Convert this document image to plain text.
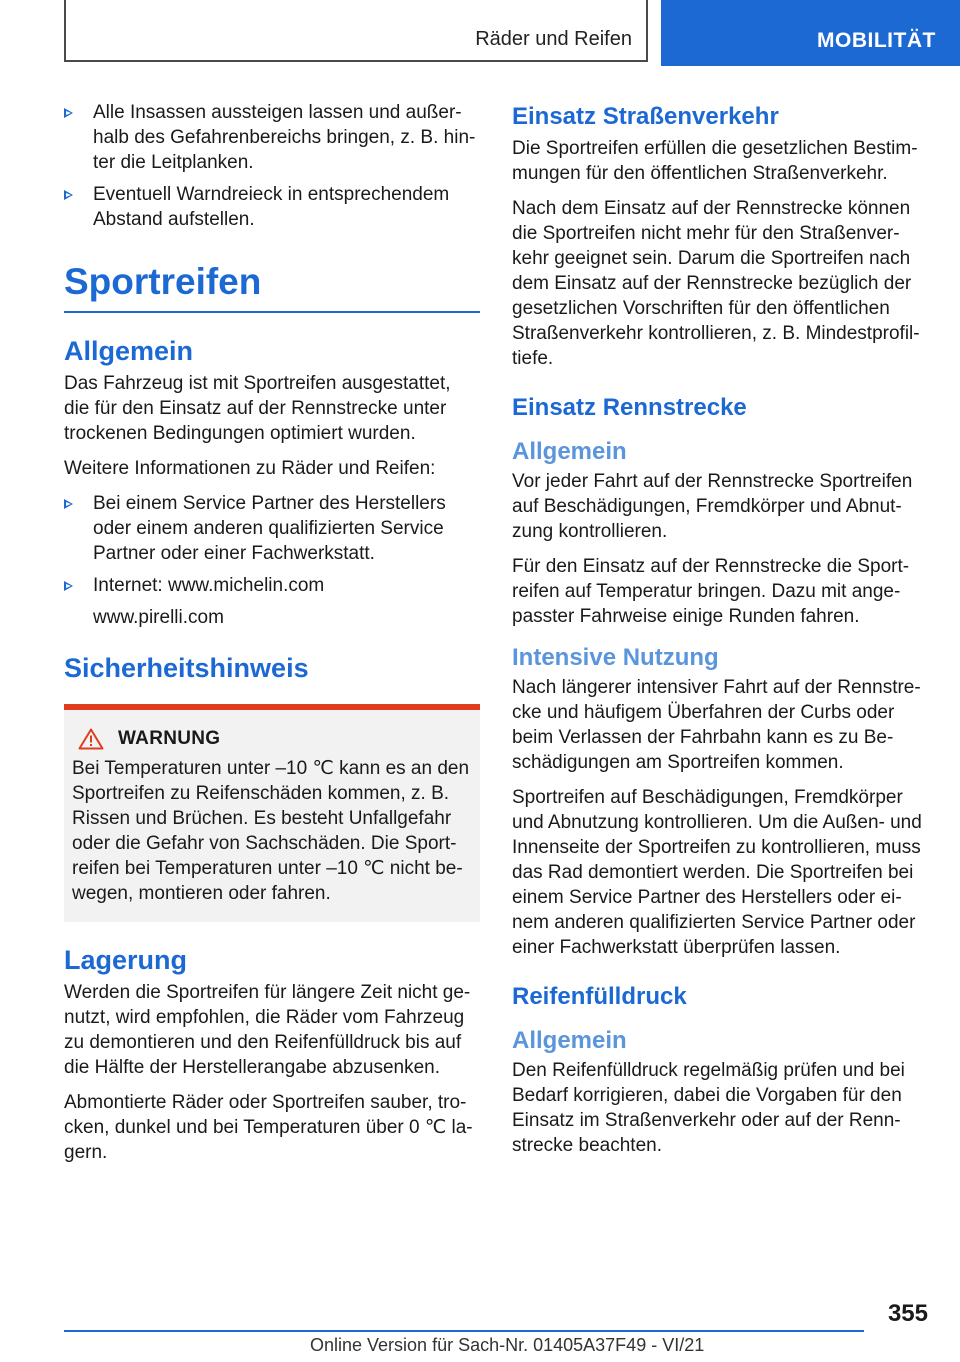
Räder und Reifen	MOBILITÄT
Alle Insassen aussteigen lassen und außer-halb des Gefahrenbereichs bringen, z. B. hin-ter die Leitplanken.
Eventuell Warndreieck in entsprechendem Abstand aufstellen.
Sportreifen
Allgemein

Das Fahrzeug ist mit Sportreifen ausgestattet, die für den Einsatz auf der Rennstrecke unter trockenen Bedingungen optimiert wurden.

Weitere Informationen zu Räder und Reifen:

Bei einem Service Partner des Herstellers oder einem anderen qualifizierten Service Partner oder einer Fachwerkstatt.
Internet: www.michelin.com
www.pirelli.com
Sicherheitshinweis
WARNUNG

Bei Temperaturen unter –10 ℃ kann es an den Sportreifen zu Reifenschäden kommen, z. B. Rissen und Brüchen. Es besteht Unfallgefahr oder die Gefahr von Sachschäden. Die Sport-reifen bei Temperaturen unter –10 ℃ nicht be-wegen, montieren oder fahren.

Lagerung

Werden die Sportreifen für längere Zeit nicht ge-nutzt, wird empfohlen, die Räder vom Fahrzeug zu demontieren und den Reifenfülldruck bis auf die Hälfte der Herstellerangabe abzusenken.

Abmontierte Räder oder Sportreifen sauber, tro-cken, dunkel und bei Temperaturen über 0 ℃ la-gern.

Einsatz Straßenverkehr

Die Sportreifen erfüllen die gesetzlichen Bestim-mungen für den öffentlichen Straßenverkehr.

Nach dem Einsatz auf der Rennstrecke können die Sportreifen nicht mehr für den Straßenver-kehr geeignet sein. Darum die Sportreifen nach dem Einsatz auf der Rennstrecke bezüglich der gesetzlichen Vorschriften für den öffentlichen Straßenverkehr kontrollieren, z. B. Mindestprofil-tiefe.

Einsatz Rennstrecke
Allgemein

Vor jeder Fahrt auf der Rennstrecke Sportreifen auf Beschädigungen, Fremdkörper und Abnut-zung kontrollieren.

Für den Einsatz auf der Rennstrecke die Sport-reifen auf Temperatur bringen. Dazu mit ange-passter Fahrweise einige Runden fahren.

Intensive Nutzung

Nach längerer intensiver Fahrt auf der Rennstre-cke und häufigem Überfahren der Curbs oder beim Verlassen der Fahrbahn kann es zu Be-schädigungen am Sportreifen kommen.

Sportreifen auf Beschädigungen, Fremdkörper und Abnutzung kontrollieren. Um die Außen- und Innenseite der Sportreifen zu kontrollieren, muss das Rad demontiert werden. Die Sportreifen bei einem Service Partner des Herstellers oder ei-nem anderen qualifizierten Service Partner oder einer Fachwerkstatt überprüfen lassen.

Reifenfülldruck
Allgemein

Den Reifenfülldruck regelmäßig prüfen und bei Bedarf korrigieren, dabei die Vorgaben für den Einsatz im Straßenverkehr oder auf der Renn-strecke beachten.

355
Online Version für Sach-Nr. 01405A37F49 - VI/21
